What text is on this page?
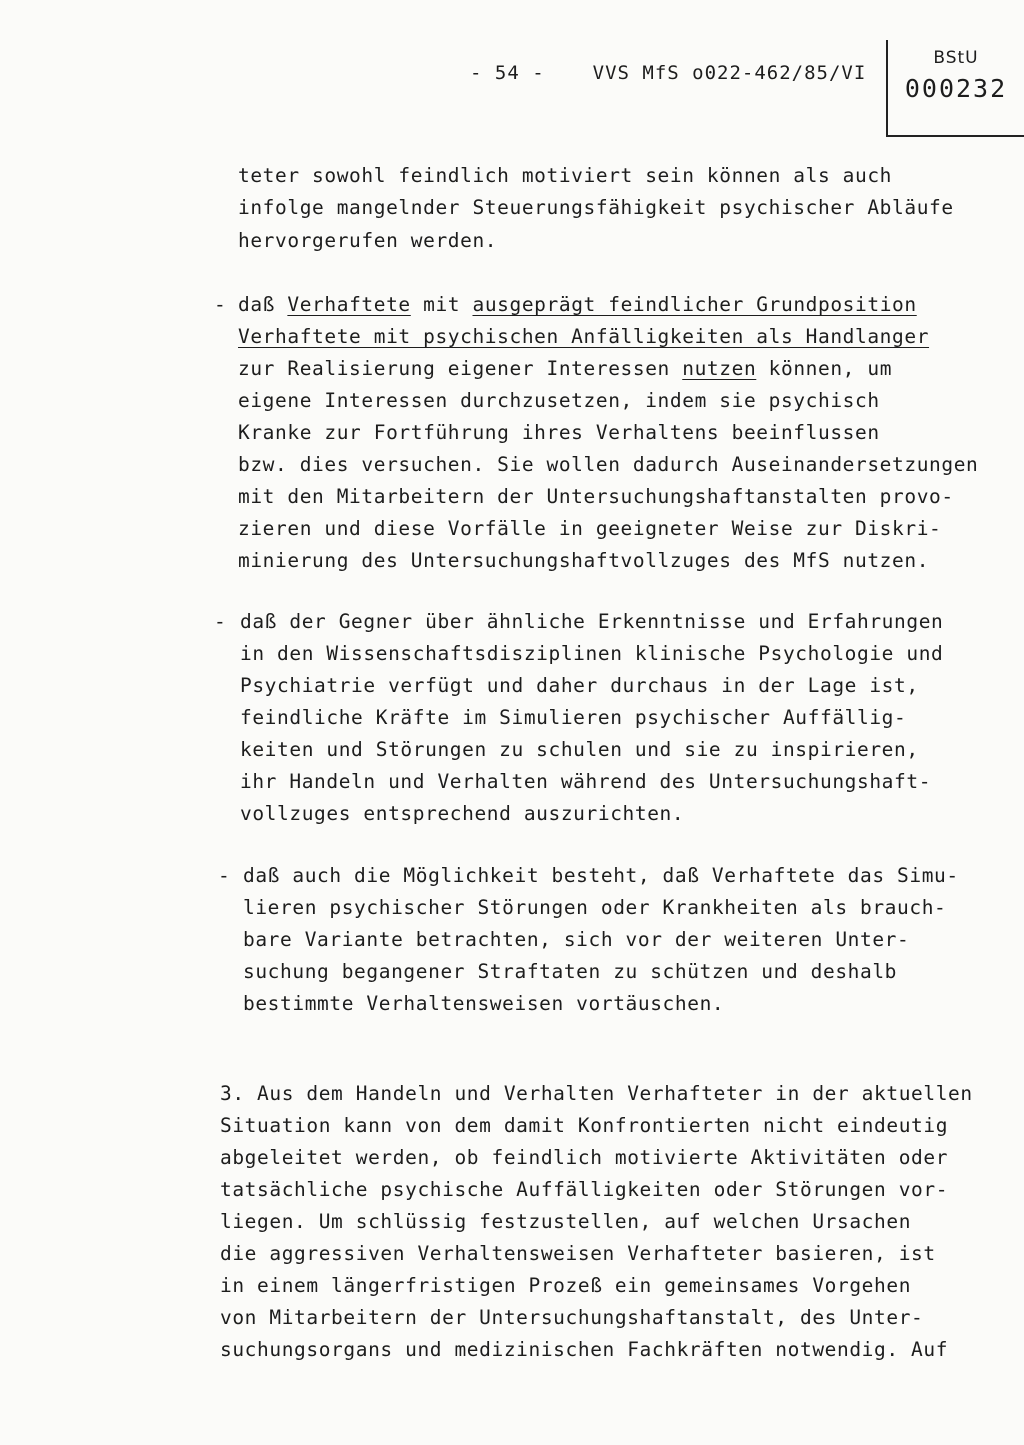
- 54 -	VVS MfS o022-462/85/VI
BStU
000232
teter sowohl feindlich motiviert sein können als auch
infolge mangelnder Steuerungsfähigkeit psychischer Abläufe
hervorgerufen werden.
- daß Verhaftete mit ausgeprägt feindlicher Grundposition
Verhaftete mit psychischen Anfälligkeiten als Handlanger
zur Realisierung eigener Interessen nutzen können, um
eigene Interessen durchzusetzen, indem sie psychisch
Kranke zur Fortführung ihres Verhaltens beeinflussen
bzw. dies versuchen. Sie wollen dadurch Auseinandersetzungen
mit den Mitarbeitern der Untersuchungshaftanstalten provo-
zieren und diese Vorfälle in geeigneter Weise zur Diskri-
minierung des Untersuchungshaftvollzuges des MfS nutzen.
- daß der Gegner über ähnliche Erkenntnisse und Erfahrungen
in den Wissenschaftsdisziplinen klinische Psychologie und
Psychiatrie verfügt und daher durchaus in der Lage ist,
feindliche Kräfte im Simulieren psychischer Auffällig-
keiten und Störungen zu schulen und sie zu inspirieren,
ihr Handeln und Verhalten während des Untersuchungshaft-
vollzuges entsprechend auszurichten.
- daß auch die Möglichkeit besteht, daß Verhaftete das Simu-
lieren psychischer Störungen oder Krankheiten als brauch-
bare Variante betrachten, sich vor der weiteren Unter-
suchung begangener Straftaten zu schützen und deshalb
bestimmte Verhaltensweisen vortäuschen.
3. Aus dem Handeln und Verhalten Verhafteter in der aktuellen
Situation kann von dem damit Konfrontierten nicht eindeutig
abgeleitet werden, ob feindlich motivierte Aktivitäten oder
tatsächliche psychische Auffälligkeiten oder Störungen vor-
liegen. Um schlüssig festzustellen, auf welchen Ursachen
die aggressiven Verhaltensweisen Verhafteter basieren, ist
in einem längerfristigen Prozeß ein gemeinsames Vorgehen
von Mitarbeitern der Untersuchungshaftanstalt, des Unter-
suchungsorgans und medizinischen Fachkräften notwendig. Auf
